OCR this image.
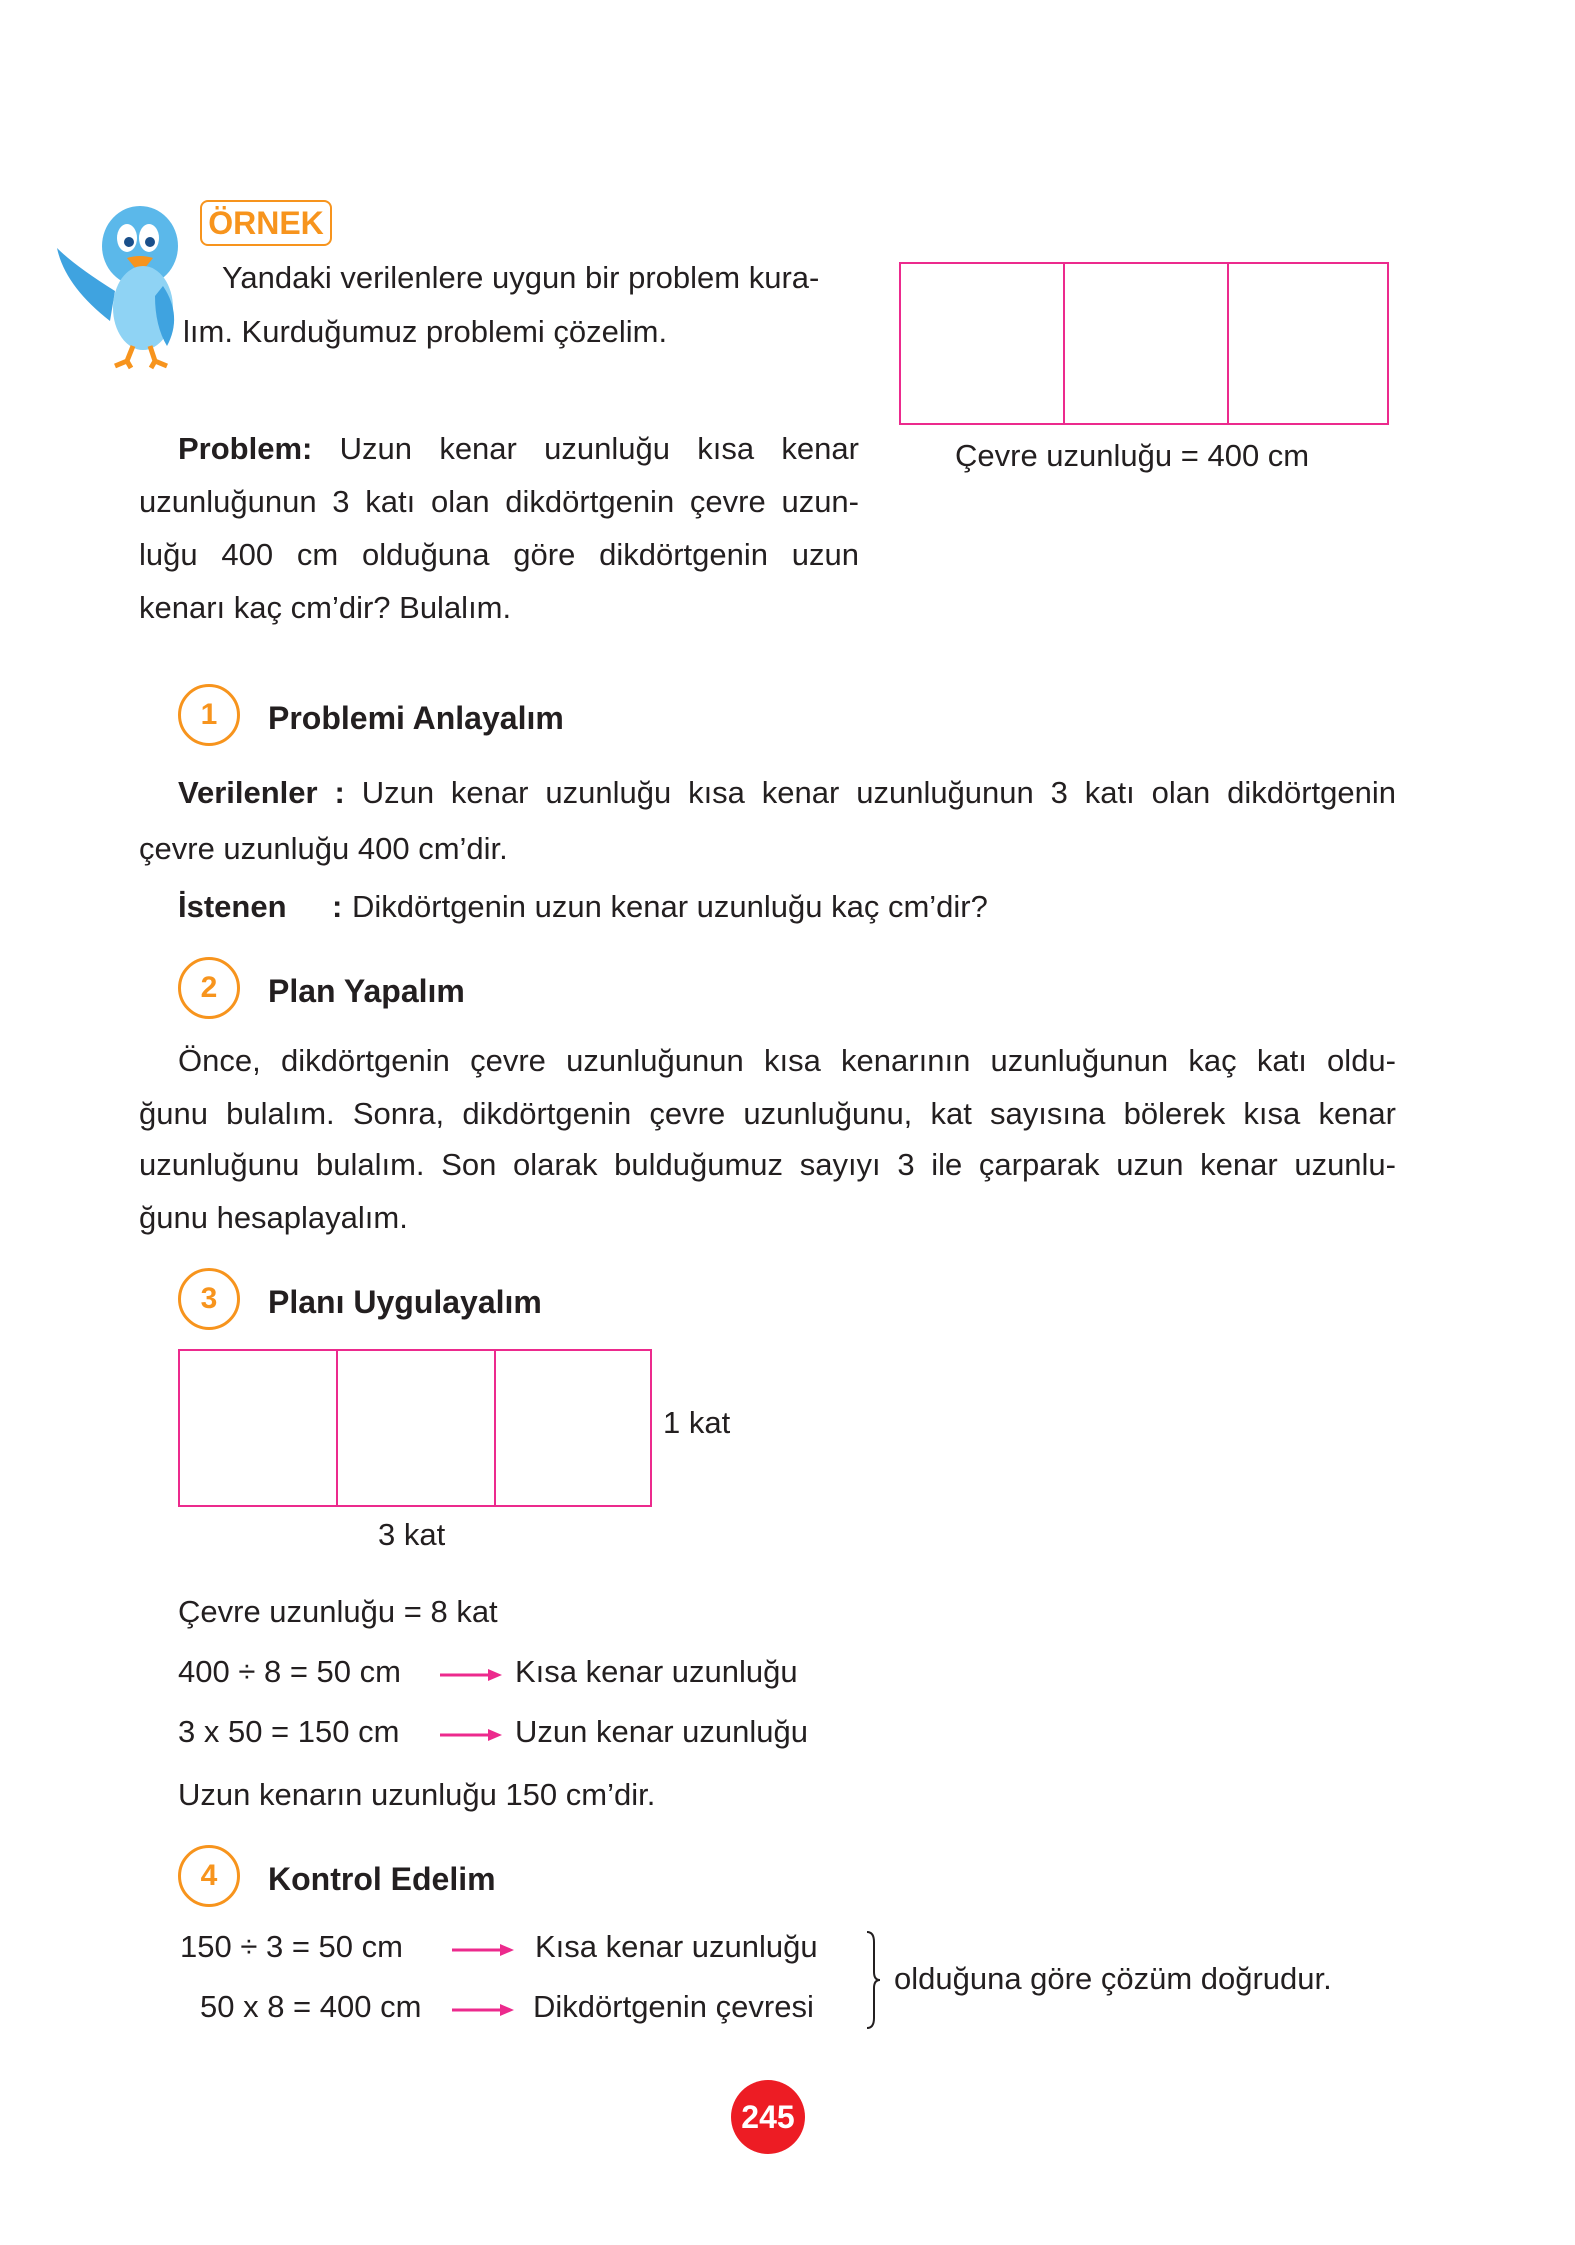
ÖRNEK
Yandaki verilenlere uygun bir problem kura-
lım. Kurduğumuz problemi çözelim.
Çevre uzunluğu = 400 cm
Problem: Uzun kenar uzunluğu kısa kenar
uzunluğunun 3 katı olan dikdörtgenin çevre uzun-
luğu 400 cm olduğuna göre dikdörtgenin uzun
kenarı kaç cm’dir? Bulalım.
1	Problemi Anlayalım
Verilenler : Uzun kenar uzunluğu kısa kenar uzunluğunun 3 katı olan dikdörtgenin
çevre uzunluğu 400 cm’dir.
İstenen : Dikdörtgenin uzun kenar uzunluğu kaç cm’dir?
2	Plan Yapalım
Önce, dikdörtgenin çevre uzunluğunun kısa kenarının uzunluğunun kaç katı oldu-
ğunu bulalım. Sonra, dikdörtgenin çevre uzunluğunu, kat sayısına bölerek kısa kenar
uzunluğunu bulalım. Son olarak bulduğumuz sayıyı 3 ile çarparak uzun kenar uzunlu-
ğunu hesaplayalım.
3	Planı Uygulayalım
1 kat
3 kat
Çevre uzunluğu = 8 kat
400 ÷ 8 = 50 cm	Kısa kenar uzunluğu
3 x 50 = 150 cm	Uzun kenar uzunluğu
Uzun kenarın uzunluğu 150 cm’dir.
4	Kontrol Edelim
150 ÷ 3 = 50 cm	Kısa kenar uzunluğu
50 x 8 = 400 cm	Dikdörtgenin çevresi
olduğuna göre çözüm doğrudur.
245
